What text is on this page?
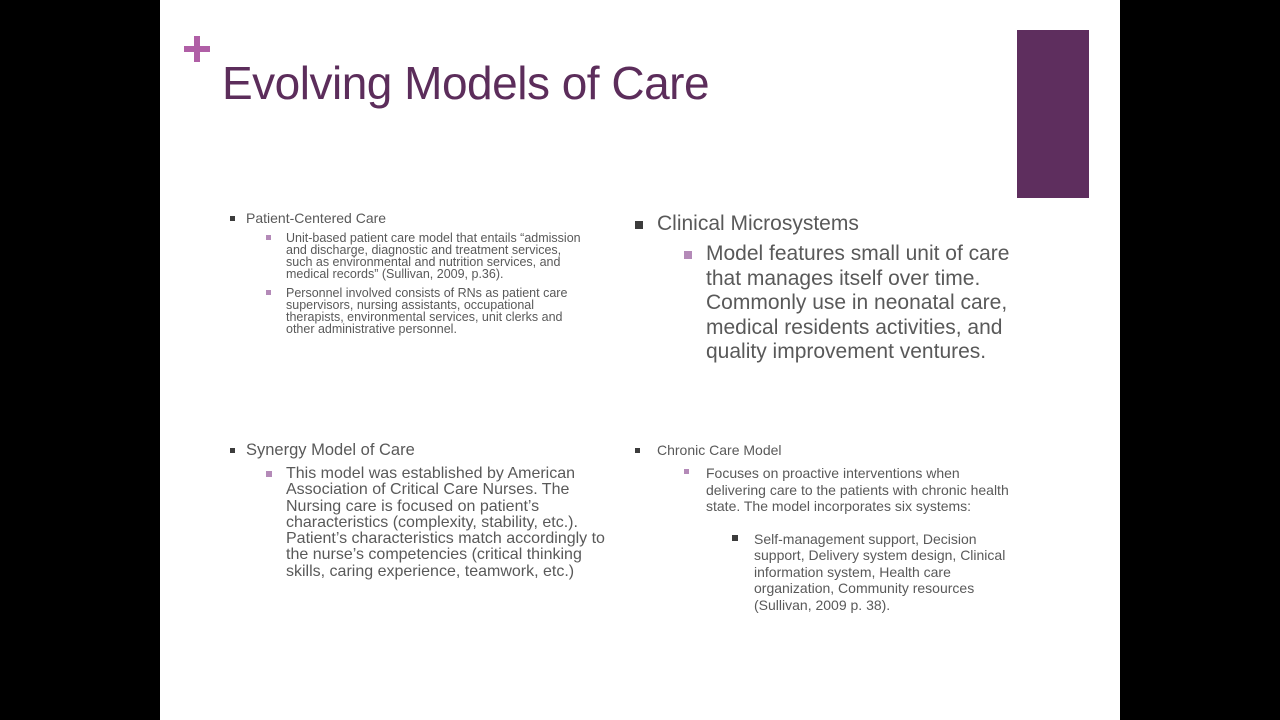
Evolving Models of Care
Patient-Centered Care
Unit-based patient care model that entails “admission and discharge, diagnostic and treatment services, such as environmental and nutrition services, and medical records” (Sullivan, 2009, p.36).
Personnel involved consists of RNs as patient care supervisors, nursing assistants, occupational therapists, environmental services, unit clerks and other administrative personnel.
Clinical Microsystems
Model features small unit of care that manages itself over time. Commonly use in neonatal care, medical residents activities, and quality improvement ventures.
Synergy Model of Care
This model was established by American Association of Critical Care Nurses. The Nursing care is focused on patient’s characteristics (complexity, stability, etc.). Patient’s characteristics match accordingly to the nurse’s competencies (critical thinking skills, caring experience, teamwork, etc.)
Chronic Care Model
Focuses on proactive interventions when delivering care to the patients with chronic health state. The model incorporates six systems:
Self-management support, Decision support, Delivery system design, Clinical information system, Health care organization, Community resources (Sullivan, 2009 p. 38).
